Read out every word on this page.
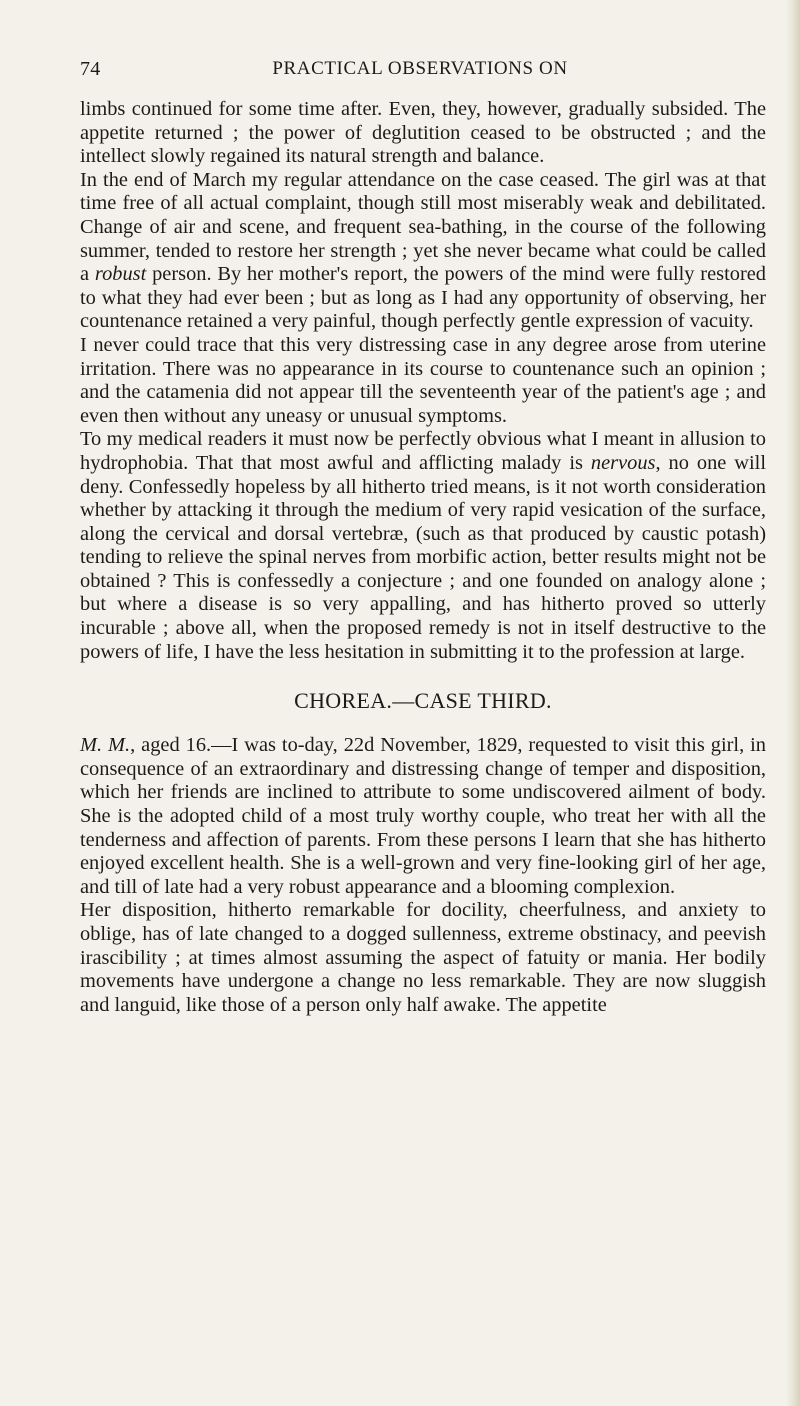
74	PRACTICAL OBSERVATIONS ON

limbs continued for some time after. Even, they, however, gradually subsided. The appetite returned ; the power of deglutition ceased to be obstructed ; and the intellect slowly regained its natural strength and balance.

In the end of March my regular attendance on the case ceased. The girl was at that time free of all actual complaint, though still most miserably weak and debilitated. Change of air and scene, and frequent sea-bathing, in the course of the following summer, tended to restore her strength ; yet she never became what could be called a robust person. By her mother's report, the powers of the mind were fully restored to what they had ever been ; but as long as I had any opportunity of observing, her countenance retained a very painful, though perfectly gentle expression of vacuity.

I never could trace that this very distressing case in any degree arose from uterine irritation. There was no appearance in its course to countenance such an opinion ; and the catamenia did not appear till the seventeenth year of the patient's age ; and even then without any uneasy or unusual symptoms.

To my medical readers it must now be perfectly obvious what I meant in allusion to hydrophobia. That that most awful and afflicting malady is nervous, no one will deny. Confessedly hopeless by all hitherto tried means, is it not worth consideration whether by attacking it through the medium of very rapid vesication of the surface, along the cervical and dorsal vertebræ, (such as that produced by caustic potash) tending to relieve the spinal nerves from morbific action, better results might not be obtained ? This is confessedly a conjecture ; and one founded on analogy alone ; but where a disease is so very appalling, and has hitherto proved so utterly incurable ; above all, when the proposed remedy is not in itself destructive to the powers of life, I have the less hesitation in submitting it to the profession at large.

CHOREA.—CASE THIRD.

M. M., aged 16.—I was to-day, 22d November, 1829, requested to visit this girl, in consequence of an extraordinary and distressing change of temper and disposition, which her friends are inclined to attribute to some undiscovered ailment of body. She is the adopted child of a most truly worthy couple, who treat her with all the tenderness and affection of parents. From these persons I learn that she has hitherto enjoyed excellent health. She is a well-grown and very fine-looking girl of her age, and till of late had a very robust appearance and a blooming complexion.

Her disposition, hitherto remarkable for docility, cheerfulness, and anxiety to oblige, has of late changed to a dogged sullenness, extreme obstinacy, and peevish irascibility ; at times almost assuming the aspect of fatuity or mania. Her bodily movements have undergone a change no less remarkable. They are now sluggish and languid, like those of a person only half awake. The appetite
